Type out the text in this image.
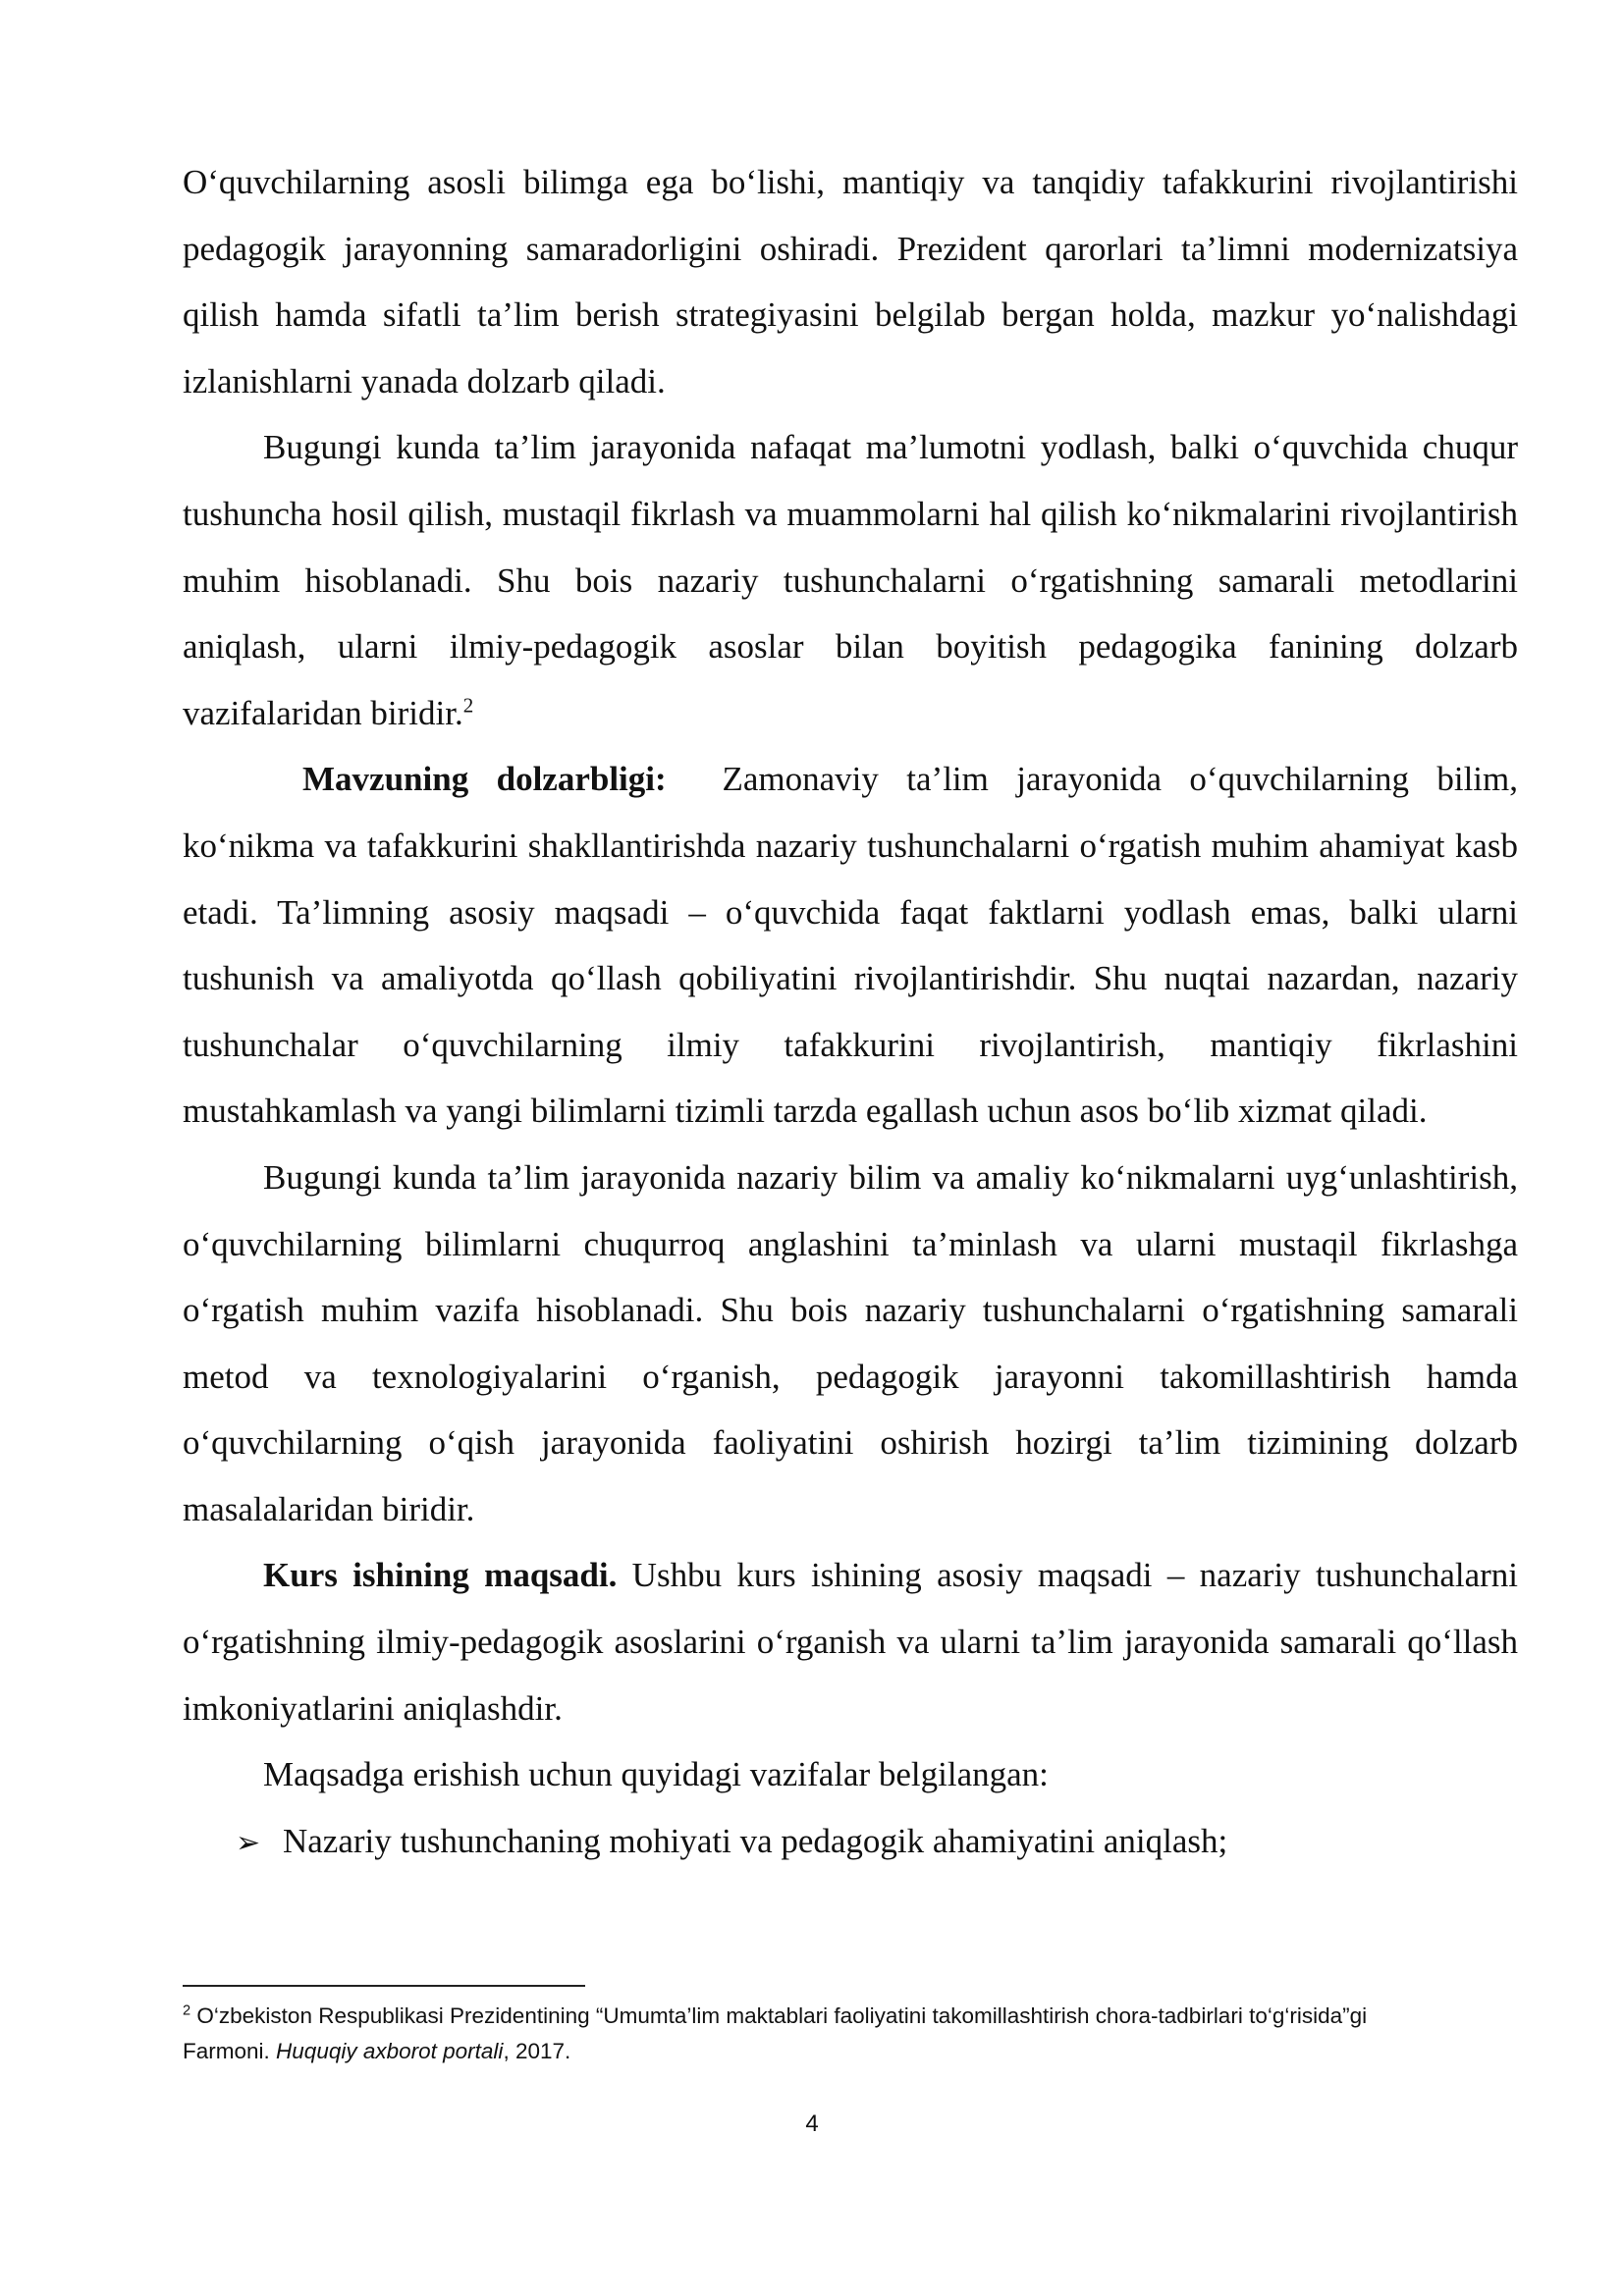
O‘quvchilarning asosli bilimga ega bo‘lishi, mantiqiy va tanqidiy tafakkurini rivojlantirishi pedagogik jarayonning samaradorligini oshiradi. Prezident qarorlari ta’limni modernizatsiya qilish hamda sifatli ta’lim berish strategiyasini belgilab bergan holda, mazkur yo‘nalishdagi izlanishlarni yanada dolzarb qiladi.

Bugungi kunda ta’lim jarayonida nafaqat ma’lumotni yodlash, balki o‘quvchida chuqur tushuncha hosil qilish, mustaqil fikrlash va muammolarni hal qilish ko‘nikmalarini rivojlantirish muhim hisoblanadi. Shu bois nazariy tushunchalarni o‘rgatishning samarali metodlarini aniqlash, ularni ilmiy-pedagogik asoslar bilan boyitish pedagogika fanining dolzarb vazifalaridan biridir.$^2$

Mavzuning dolzarbligi: Zamonaviy ta’lim jarayonida o‘quvchilarning bilim, ko‘nikma va tafakkurini shakllantirishda nazariy tushunchalarni o‘rgatish muhim ahamiyat kasb etadi. Ta’limning asosiy maqsadi – o‘quvchida faqat faktlarni yodlash emas, balki ularni tushunish va amaliyotda qo‘llash qobiliyatini rivojlantirishdir. Shu nuqtai nazardan, nazariy tushunchalar o‘quvchilarning ilmiy tafakkurini rivojlantirish, mantiqiy fikrlashini mustahkamlash va yangi bilimlarni tizimli tarzda egallash uchun asos bo‘lib xizmat qiladi.

Bugungi kunda ta’lim jarayonida nazariy bilim va amaliy ko‘nikmalarni uyg‘unlashtirish, o‘quvchilarning bilimlarni chuqurroq anglashini ta’minlash va ularni mustaqil fikrlashga o‘rgatish muhim vazifa hisoblanadi. Shu bois nazariy tushunchalarni o‘rgatishning samarali metod va texnologiyalarini o‘rganish, pedagogik jarayonni takomillashtirish hamda o‘quvchilarning o‘qish jarayonida faoliyatini oshirish hozirgi ta’lim tizimining dolzarb masalalaridan biridir.

Kurs ishining maqsadi. Ushbu kurs ishining asosiy maqsadi – nazariy tushunchalarni o‘rgatishning ilmiy-pedagogik asoslarini o‘rganish va ularni ta’lim jarayonida samarali qo‘llash imkoniyatlarini aniqlashdir.

Maqsadga erishish uchun quyidagi vazifalar belgilangan:

➢ Nazariy tushunchaning mohiyati va pedagogik ahamiyatini aniqlash;
$^2$ O‘zbekiston Respublikasi Prezidentining “Umumta’lim maktablari faoliyatini takomillashtirish chora-tadbirlari to‘g‘risida”gi Farmoni. Huquqiy axborot portali, 2017.
4
